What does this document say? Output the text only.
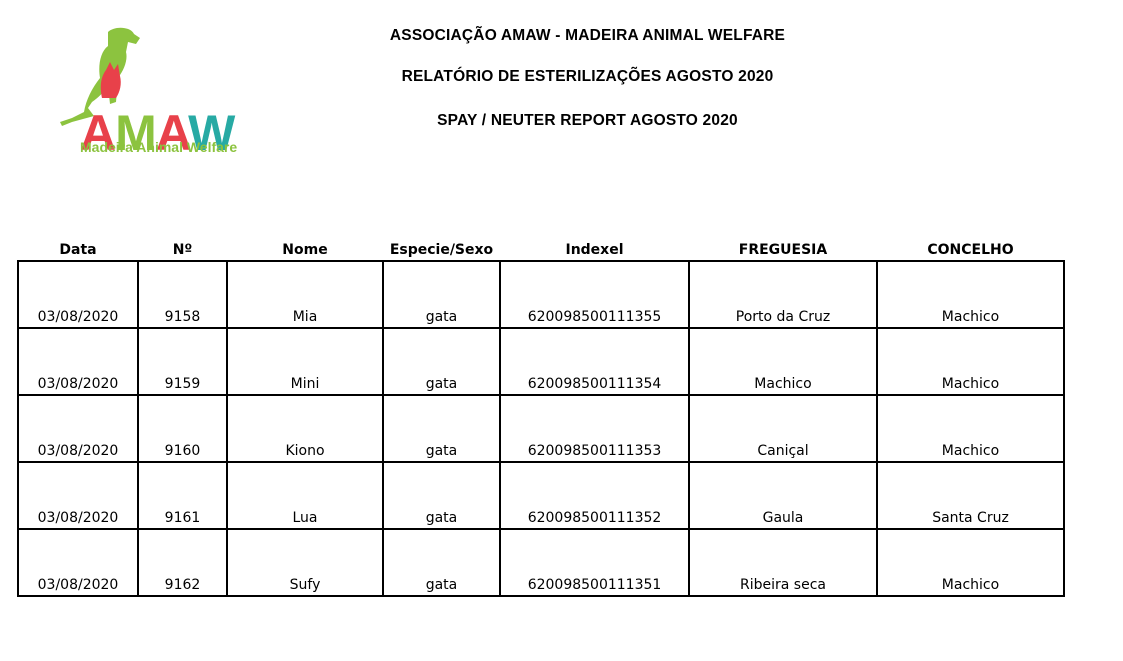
AMAW
Madeira Animal Welfare
ASSOCIAÇÃO AMAW - MADEIRA ANIMAL WELFARE
RELATÓRIO DE ESTERILIZAÇÕES AGOSTO 2020
SPAY / NEUTER REPORT AGOSTO 2020
Data	Nº	Nome	Especie/Sexo	Indexel	FREGUESIA	CONCELHO
03/08/2020	9158	Mia	gata	620098500111355	Porto da Cruz	Machico
03/08/2020	9159	Mini	gata	620098500111354	Machico	Machico
03/08/2020	9160	Kiono	gata	620098500111353	Caniçal	Machico
03/08/2020	9161	Lua	gata	620098500111352	Gaula	Santa Cruz
03/08/2020	9162	Sufy	gata	620098500111351	Ribeira seca	Machico
